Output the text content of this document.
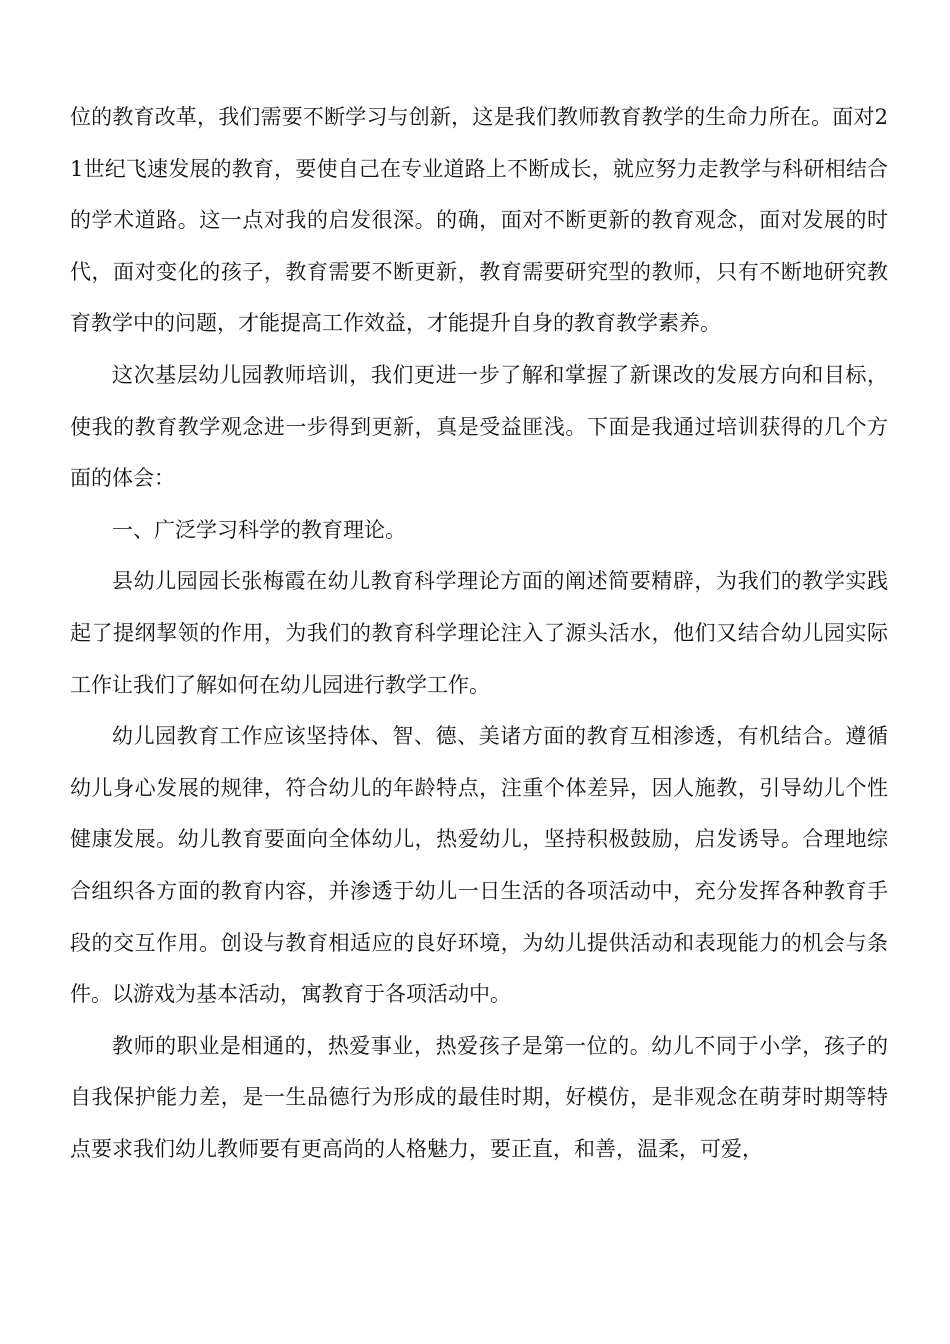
位的教育改革，我们需要不断学习与创新，这是我们教师教育教学的生命力所在。面对21世纪飞速发展的教育，要使自己在专业道路上不断成长，就应努力走教学与科研相结合的学术道路。这一点对我的启发很深。的确，面对不断更新的教育观念，面对发展的时代，面对变化的孩子，教育需要不断更新，教育需要研究型的教师，只有不断地研究教育教学中的问题，才能提高工作效益，才能提升自身的教育教学素养。

这次基层幼儿园教师培训，我们更进一步了解和掌握了新课改的发展方向和目标，使我的教育教学观念进一步得到更新，真是受益匪浅。下面是我通过培训获得的几个方面的体会：

一、广泛学习科学的教育理论。

县幼儿园园长张梅霞在幼儿教育科学理论方面的阐述简要精辟，为我们的教学实践起了提纲挈领的作用，为我们的教育科学理论注入了源头活水，他们又结合幼儿园实际工作让我们了解如何在幼儿园进行教学工作。

幼儿园教育工作应该坚持体、智、德、美诸方面的教育互相渗透，有机结合。遵循幼儿身心发展的规律，符合幼儿的年龄特点，注重个体差异，因人施教，引导幼儿个性健康发展。幼儿教育要面向全体幼儿，热爱幼儿，坚持积极鼓励，启发诱导。合理地综合组织各方面的教育内容，并渗透于幼儿一日生活的各项活动中，充分发挥各种教育手段的交互作用。创设与教育相适应的良好环境，为幼儿提供活动和表现能力的机会与条件。以游戏为基本活动，寓教育于各项活动中。

教师的职业是相通的，热爱事业，热爱孩子是第一位的。幼儿不同于小学，孩子的自我保护能力差，是一生品德行为形成的最佳时期，好模仿，是非观念在萌芽时期等特点要求我们幼儿教师要有更高尚的人格魅力，要正直，和善，温柔，可爱，
